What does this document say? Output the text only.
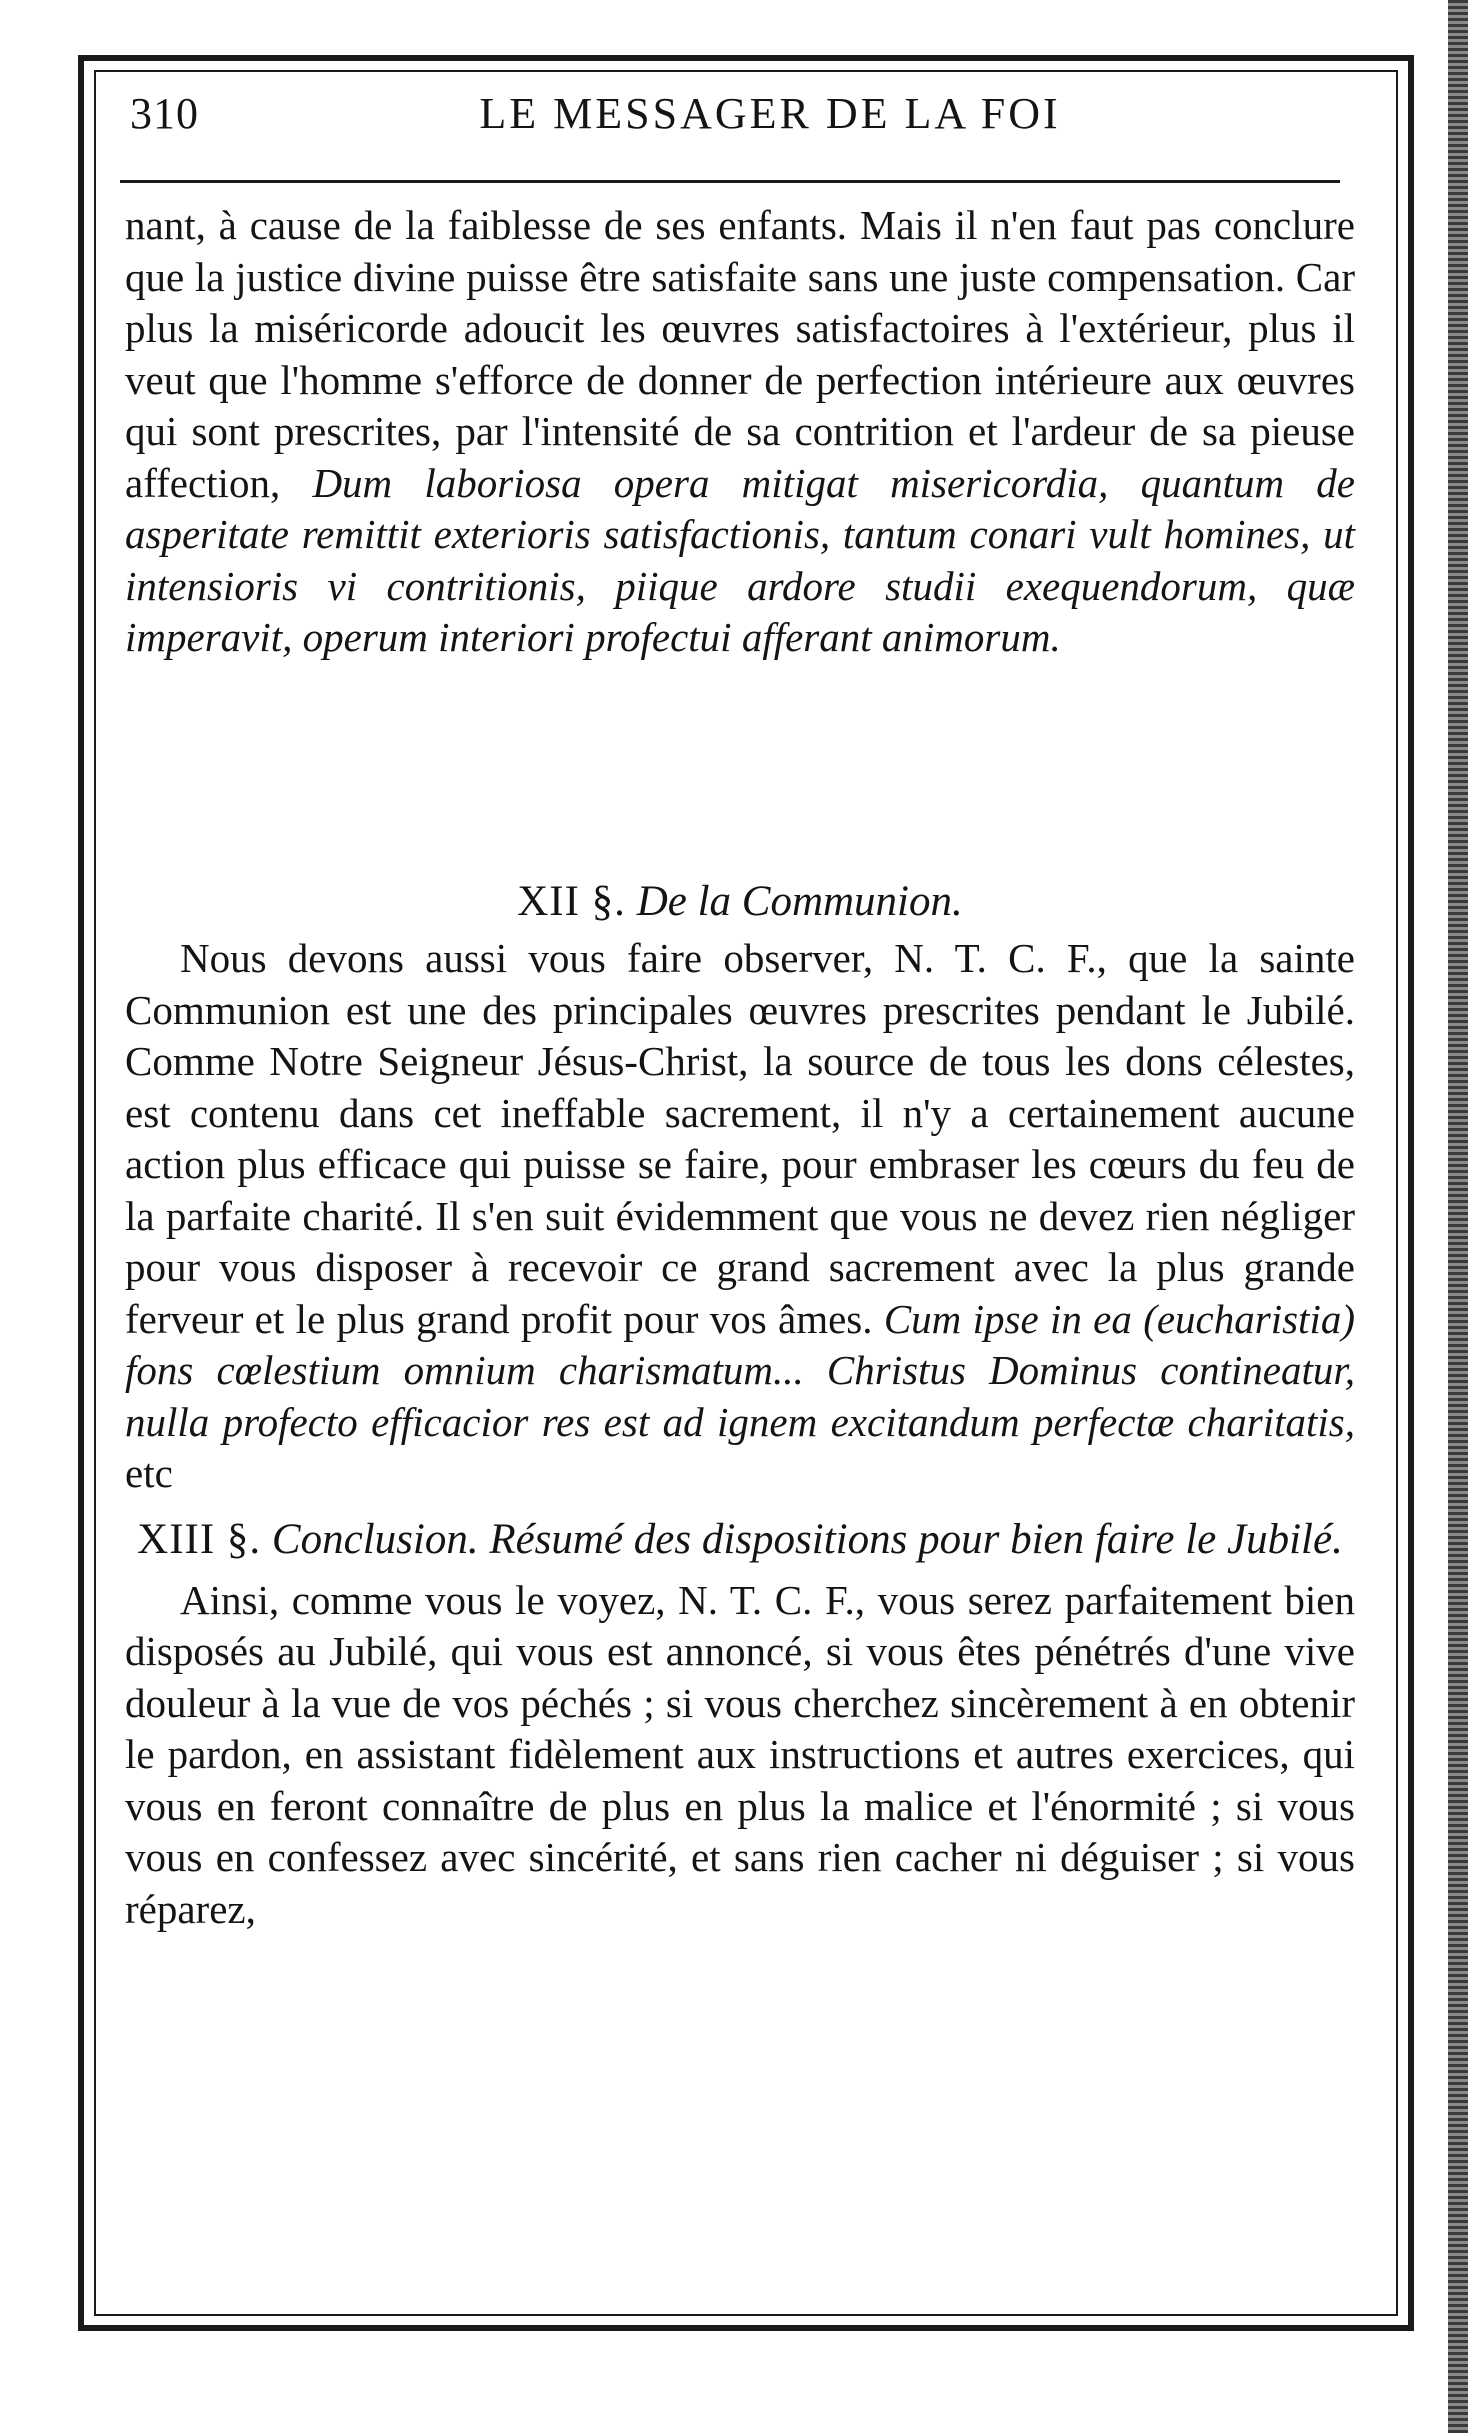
310	LE MESSAGER DE LA FOI

nant, à cause de la faiblesse de ses enfants. Mais il n'en faut pas conclure que la justice divine puisse être satisfaite sans une juste compensation. Car plus la miséricorde adoucit les œuvres satisfactoires à l'extérieur, plus il veut que l'homme s'efforce de donner de perfection intérieure aux œuvres qui sont prescrites, par l'intensité de sa contrition et l'ardeur de sa pieuse affection, Dum laboriosa opera mitigat misericordia, quantum de asperitate remittit exterioris satisfactionis, tantum conari vult homines, ut intensioris vi contritionis, piique ardore studii exequendorum, quæ imperavit, operum interiori profectui afferant animorum.

XII §. De la Communion.

Nous devons aussi vous faire observer, N. T. C. F., que la sainte Communion est une des principales œuvres prescrites pendant le Jubilé. Comme Notre Seigneur Jésus-Christ, la source de tous les dons célestes, est contenu dans cet ineffable sacrement, il n'y a certainement aucune action plus efficace qui puisse se faire, pour embraser les cœurs du feu de la parfaite charité. Il s'en suit évidemment que vous ne devez rien négliger pour vous disposer à recevoir ce grand sacrement avec la plus grande ferveur et le plus grand profit pour vos âmes. Cum ipse in ea (eucharistia) fons cœlestium omnium charismatum... Christus Dominus contineatur, nulla profecto efficacior res est ad ignem excitandum perfectæ charitatis, etc

XIII §. Conclusion. Résumé des dispositions pour bien faire le Jubilé.

Ainsi, comme vous le voyez, N. T. C. F., vous serez parfaitement bien disposés au Jubilé, qui vous est annoncé, si vous êtes pénétrés d'une vive douleur à la vue de vos péchés ; si vous cherchez sincèrement à en obtenir le pardon, en assistant fidèlement aux instructions et autres exercices, qui vous en feront connaître de plus en plus la malice et l'énormité ; si vous vous en confessez avec sincérité, et sans rien cacher ni déguiser ; si vous réparez,
